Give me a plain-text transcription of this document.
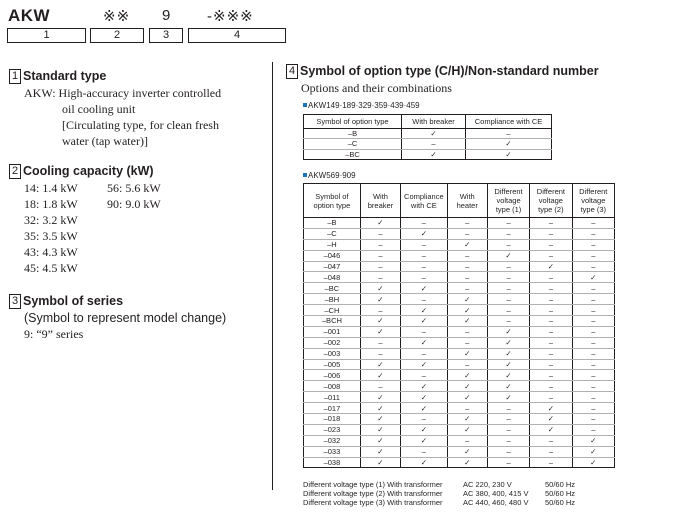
AKW	※※ 9 -※※※
1	2	3	4
1 Standard type
AKW: High-accuracy inverter controlled
oil cooling unit
[Circulating type, for clean fresh
water (tap water)]
2 Cooling capacity (kW)
14: 1.4 kW
18: 1.8 kW
32: 3.2 kW
35: 3.5 kW
43: 4.3 kW
45: 4.5 kW
56: 5.6 kW
90: 9.0 kW
3 Symbol of series
(Symbol to represent model change)
9: “9” series
4 Symbol of option type (C/H)/Non-standard number
Options and their combinations
AKW149·189·329·359·439·459
Symbol of option type	With breaker	Compliance with CE
–B	✓	–
–C	–	✓
–BC	✓	✓
AKW569·909
Symbol of option type	With breaker	Compliance with CE	With heater	Different voltage type (1)	Different voltage type (2)	Different voltage type (3)
–B	✓	–	–	–	–	–
–C	–	✓	–	–	–	–
–H	–	–	✓	–	–	–
–046	–	–	–	✓	–	–
–047	–	–	–	–	✓	–
–048	–	–	–	–	–	✓
–BC	✓	✓	–	–	–	–
–BH	✓	–	✓	–	–	–
–CH	–	✓	✓	–	–	–
–BCH	✓	✓	✓	–	–	–
–001	✓	–	–	✓	–	–
–002	–	✓	–	✓	–	–
–003	–	–	✓	✓	–	–
–005	✓	✓	–	✓	–	–
–006	✓	–	✓	✓	–	–
–008	–	✓	✓	✓	–	–
–011	✓	✓	✓	✓	–	–
–017	✓	✓	–	–	✓	–
–018	✓	–	✓	–	✓	–
–023	✓	✓	✓	–	✓	–
–032	✓	✓	–	–	–	✓
–033	✓	–	✓	–	–	✓
–038	✓	✓	✓	–	–	✓
Different voltage type (1) With transformer	AC 220, 230 V	50/60 Hz
Different voltage type (2) With transformer	AC 380, 400, 415 V 50/60 Hz
Different voltage type (3) With transformer	AC 440, 460, 480 V 50/60 Hz
